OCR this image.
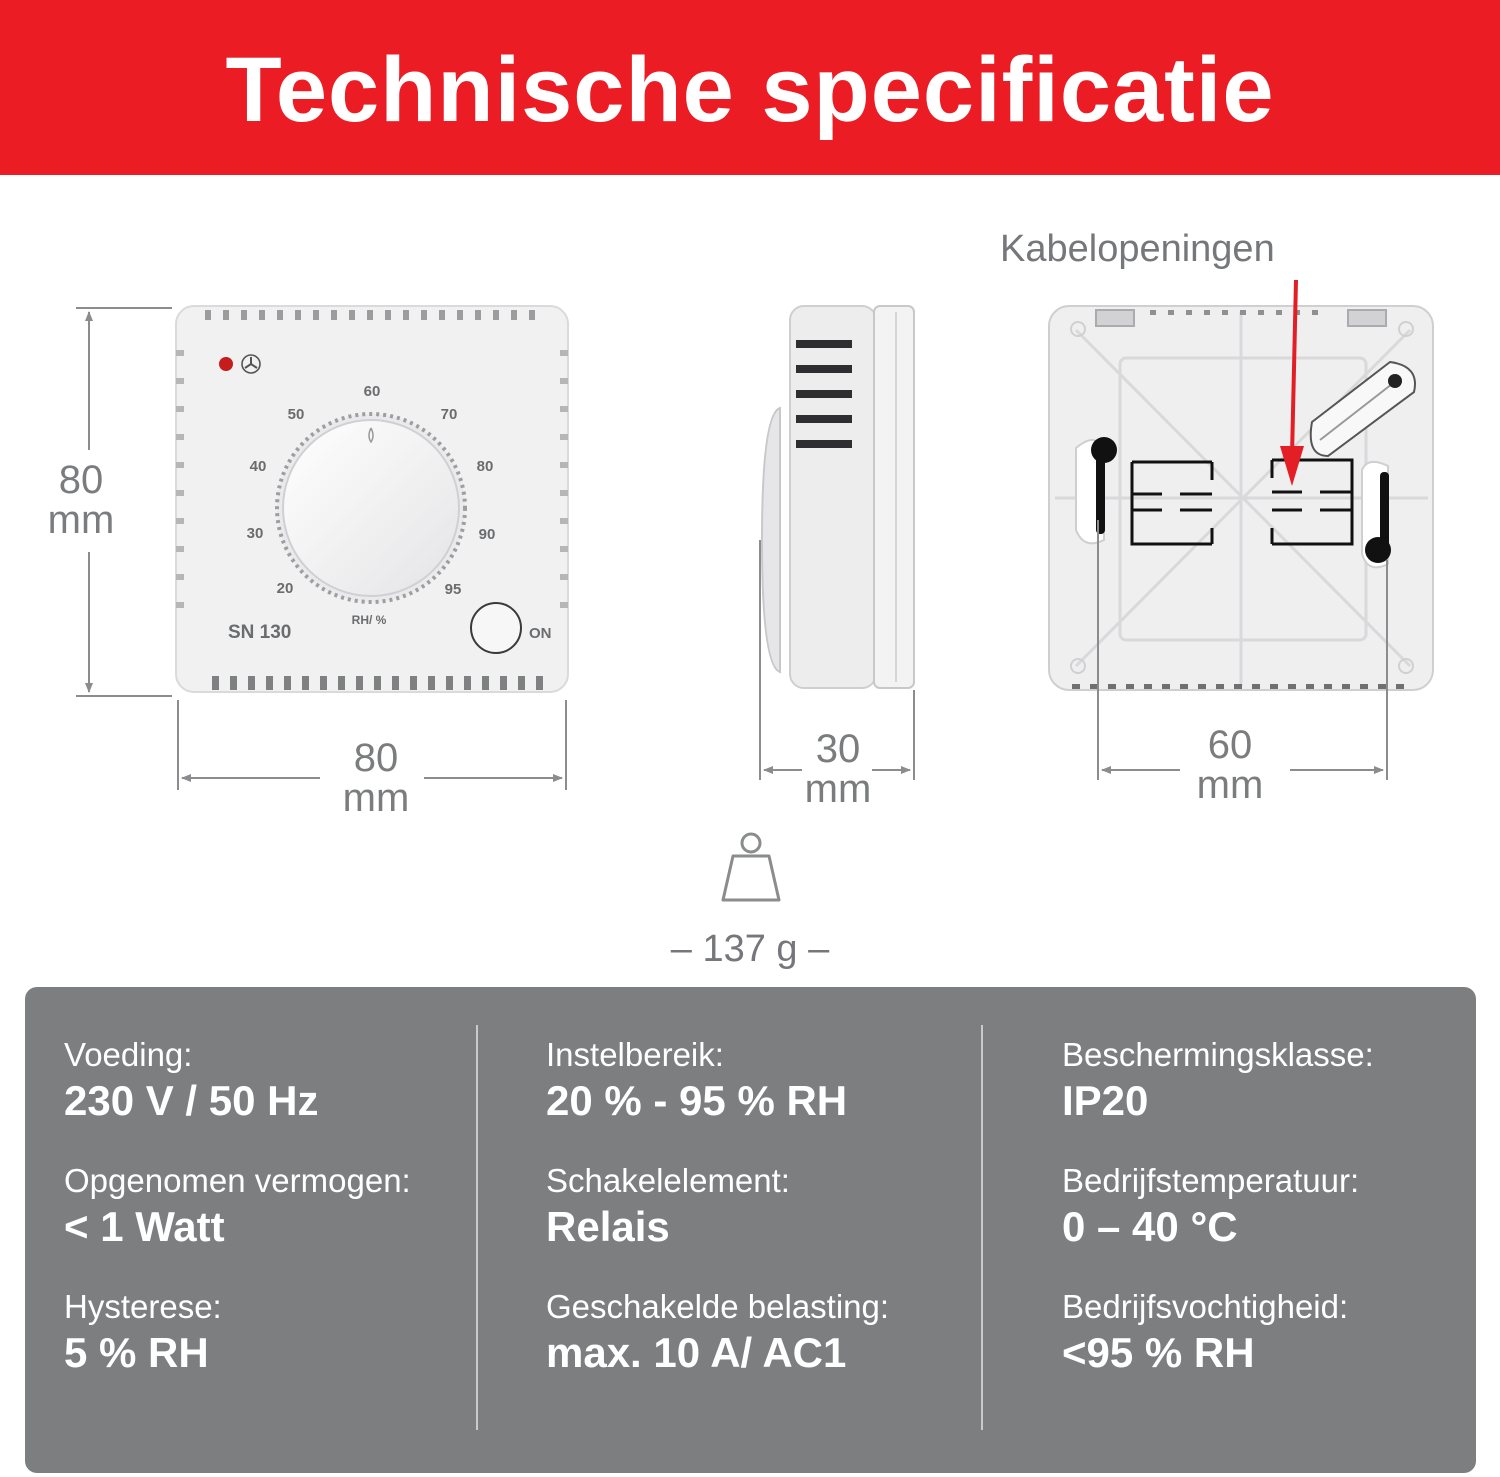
Technische specificatie
20
30
40
50
60
70
80
90
95
RH/ %
SN 130	ON
80
mm
80
mm
30
mm
60
mm
Kabelopeningen
– 137 g –
Voeding:
230 V / 50 Hz
Opgenomen vermogen:
< 1 Watt
Hysterese:
5 % RH
Instelbereik:
20 % - 95 % RH
Schakelelement:
Relais
Geschakelde belasting:
max. 10 A/ AC1
Beschermingsklasse:
IP20
Bedrijfstemperatuur:
0 – 40 °C
Bedrijfsvochtigheid:
<95 % RH
